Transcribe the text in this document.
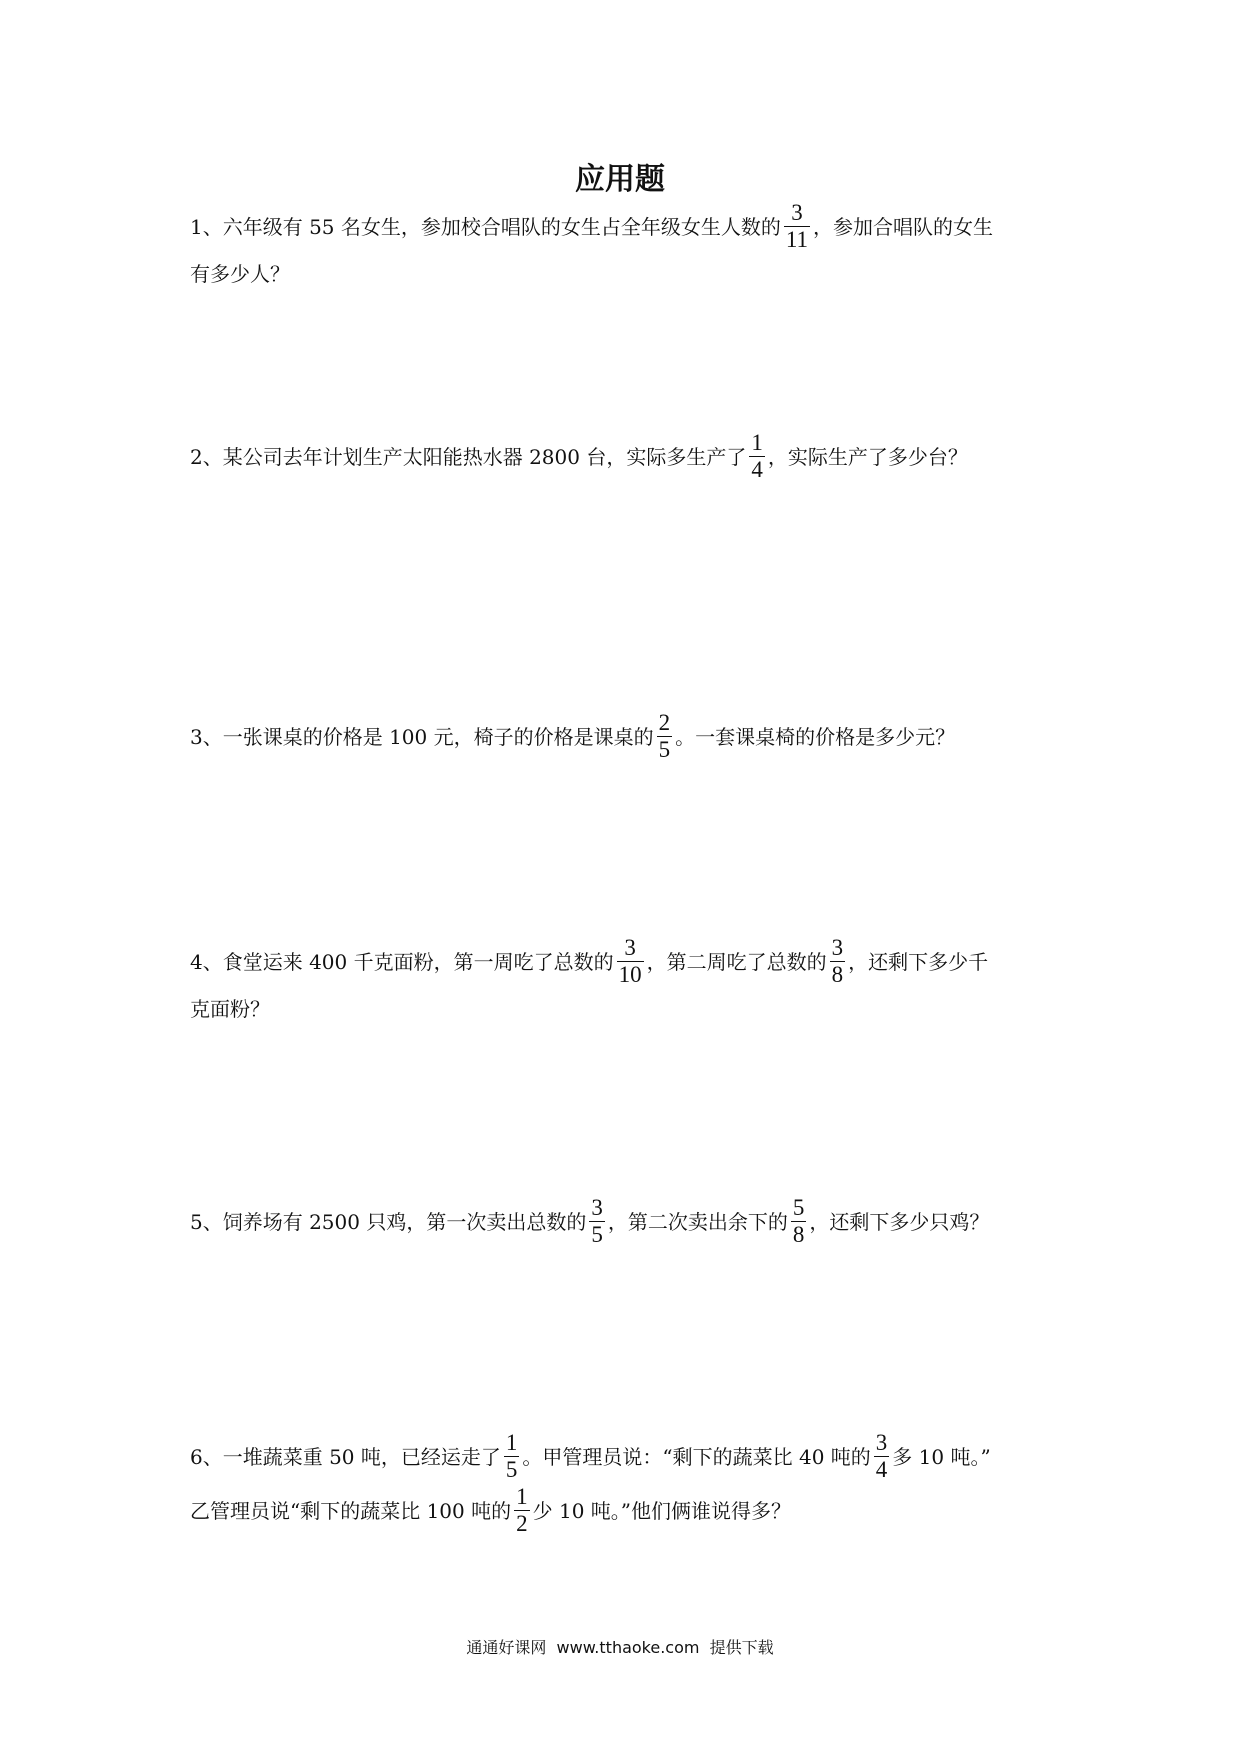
应用题
1、六年级有 55 名女生，参加校合唱队的女生占全年级女生人数的 $\frac{3}{11}$ ，参加合唱队的女生
有多少人？
2、某公司去年计划生产太阳能热水器 2800 台，实际多生产了 $\frac{1}{4}$ ，实际生产了多少台？
3、一张课桌的价格是 100 元，椅子的价格是课桌的 $\frac{2}{5}$ 。一套课桌椅的价格是多少元？
4、食堂运来 400 千克面粉，第一周吃了总数的 $\frac{3}{10}$ ，第二周吃了总数的 $\frac{3}{8}$ ，还剩下多少千
克面粉？
5、饲养场有 2500 只鸡，第一次卖出总数的 $\frac{3}{5}$ ，第二次卖出余下的 $\frac{5}{8}$ ，还剩下多少只鸡？
6、一堆蔬菜重 50 吨，已经运走了 $\frac{1}{5}$ 。甲管理员说：“剩下的蔬菜比 40 吨的 $\frac{3}{4}$ 多 10 吨。”
乙管理员说“剩下的蔬菜比 100 吨的 $\frac{1}{2}$ 少 10 吨。”他们俩谁说得多？
通通好课网  www.tthaoke.com  提供下载
